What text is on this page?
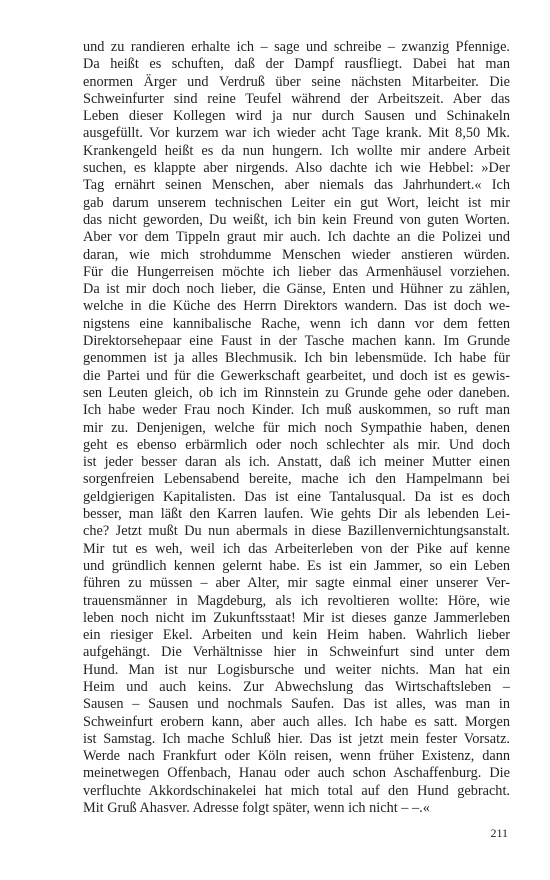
und zu randieren erhalte ich – sage und schreibe – zwanzig Pfennige.
Da heißt es schuften, daß der Dampf rausfliegt. Dabei hat man
enormen Ärger und Verdruß über seine nächsten Mitarbeiter. Die
Schweinfurter sind reine Teufel während der Arbeitszeit. Aber das
Leben dieser Kollegen wird ja nur durch Sausen und Schinakeln
ausgefüllt. Vor kurzem war ich wieder acht Tage krank. Mit 8,50 Mk.
Krankengeld heißt es da nun hungern. Ich wollte mir andere Arbeit
suchen, es klappte aber nirgends. Also dachte ich wie Hebbel: »Der
Tag ernährt seinen Menschen, aber niemals das Jahrhundert.« Ich
gab darum unserem technischen Leiter ein gut Wort, leicht ist mir
das nicht geworden, Du weißt, ich bin kein Freund von guten Worten.
Aber vor dem Tippeln graut mir auch. Ich dachte an die Polizei und
daran, wie mich strohdumme Menschen wieder anstieren würden.
Für die Hungerreisen möchte ich lieber das Armenhäusel vorziehen.
Da ist mir doch noch lieber, die Gänse, Enten und Hühner zu zählen,
welche in die Küche des Herrn Direktors wandern. Das ist doch we-
nigstens eine kannibalische Rache, wenn ich dann vor dem fetten
Direktorsehepaar eine Faust in der Tasche machen kann. Im Grunde
genommen ist ja alles Blechmusik. Ich bin lebensmüde. Ich habe für
die Partei und für die Gewerkschaft gearbeitet, und doch ist es gewis-
sen Leuten gleich, ob ich im Rinnstein zu Grunde gehe oder daneben.
Ich habe weder Frau noch Kinder. Ich muß auskommen, so ruft man
mir zu. Denjenigen, welche für mich noch Sympathie haben, denen
geht es ebenso erbärmlich oder noch schlechter als mir. Und doch
ist jeder besser daran als ich. Anstatt, daß ich meiner Mutter einen
sorgenfreien Lebensabend bereite, mache ich den Hampelmann bei
geldgierigen Kapitalisten. Das ist eine Tantalusqual. Da ist es doch
besser, man läßt den Karren laufen. Wie gehts Dir als lebenden Lei-
che? Jetzt mußt Du nun abermals in diese Bazillenvernichtungsanstalt.
Mir tut es weh, weil ich das Arbeiterleben von der Pike auf kenne
und gründlich kennen gelernt habe. Es ist ein Jammer, so ein Leben
führen zu müssen – aber Alter, mir sagte einmal einer unserer Ver-
trauensmänner in Magdeburg, als ich revoltieren wollte: Höre, wie
leben noch nicht im Zukunftsstaat! Mir ist dieses ganze Jammerleben
ein riesiger Ekel. Arbeiten und kein Heim haben. Wahrlich lieber
aufgehängt. Die Verhältnisse hier in Schweinfurt sind unter dem
Hund. Man ist nur Logisbursche und weiter nichts. Man hat ein
Heim und auch keins. Zur Abwechslung das Wirtschaftsleben –
Sausen – Sausen und nochmals Saufen. Das ist alles, was man in
Schweinfurt erobern kann, aber auch alles. Ich habe es satt. Morgen
ist Samstag. Ich mache Schluß hier. Das ist jetzt mein fester Vorsatz.
Werde nach Frankfurt oder Köln reisen, wenn früher Existenz, dann
meinetwegen Offenbach, Hanau oder auch schon Aschaffenburg. Die
verfluchte Akkordschinakelei hat mich total auf den Hund gebracht.
Mit Gruß Ahasver. Adresse folgt später, wenn ich nicht – –.«
211
